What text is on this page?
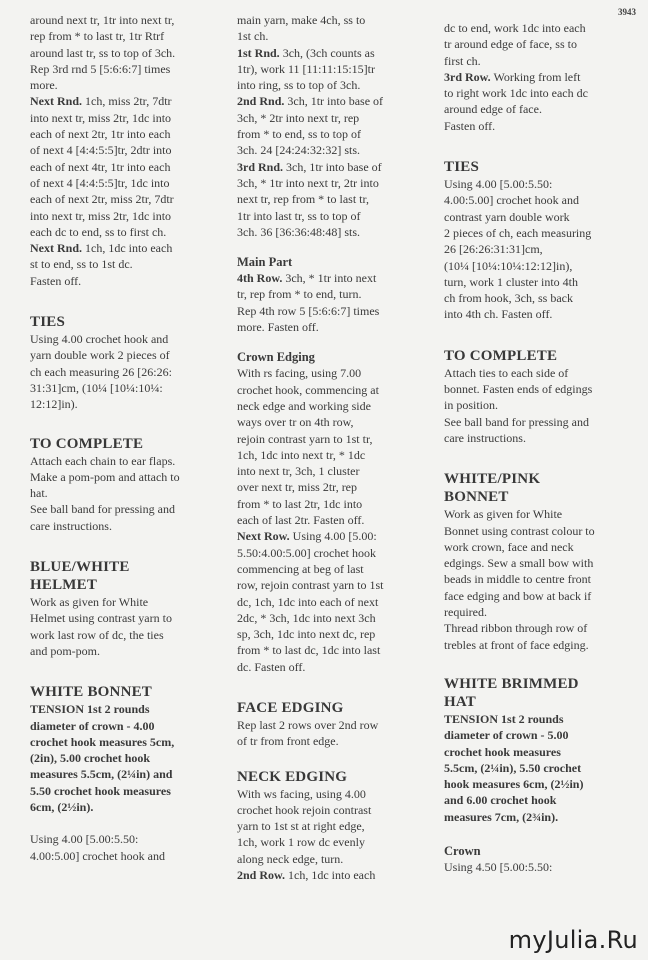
3943

around next tr, 1tr into next tr,

rep from * to last tr, 1tr Rtrf

around last tr, ss to top of 3ch.

Rep 3rd rnd 5 [5:6:6:7] times

more.

Next Rnd. 1ch, miss 2tr, 7dtr

into next tr, miss 2tr, 1dc into

each of next 2tr, 1tr into each

of next 4 [4:4:5:5]tr, 2dtr into

each of next 4tr, 1tr into each

of next 4 [4:4:5:5]tr, 1dc into

each of next 2tr, miss 2tr, 7dtr

into next tr, miss 2tr, 1dc into

each dc to end, ss to first ch.

Next Rnd. 1ch, 1dc into each

st to end, ss to 1st dc.

Fasten off.

TIES

Using 4.00 crochet hook and

yarn double work 2 pieces of

ch each measuring 26 [26:26:

31:31]cm, (10¼ [10¼:10¼:

12:12]in).

TO COMPLETE

Attach each chain to ear flaps.

Make a pom-pom and attach to

hat.

See ball band for pressing and

care instructions.

BLUE/WHITE
HELMET

Work as given for White

Helmet using contrast yarn to

work last row of dc, the ties

and pom-pom.

WHITE BONNET

TENSION 1st 2 rounds

diameter of crown - 4.00

crochet hook measures 5cm,

(2in), 5.00 crochet hook

measures 5.5cm, (2¼in) and

5.50 crochet hook measures

6cm, (2½in).

Using 4.00 [5.00:5.50:

4.00:5.00] crochet hook and

main yarn, make 4ch, ss to

1st ch.

1st Rnd. 3ch, (3ch counts as

1tr), work 11 [11:11:15:15]tr

into ring, ss to top of 3ch.

2nd Rnd. 3ch, 1tr into base of

3ch, * 2tr into next tr, rep

from * to end, ss to top of

3ch. 24 [24:24:32:32] sts.

3rd Rnd. 3ch, 1tr into base of

3ch, * 1tr into next tr, 2tr into

next tr, rep from * to last tr,

1tr into last tr, ss to top of

3ch. 36 [36:36:48:48] sts.

Main Part

4th Row. 3ch, * 1tr into next

tr, rep from * to end, turn.

Rep 4th row 5 [5:6:6:7] times

more. Fasten off.

Crown Edging

With rs facing, using 7.00

crochet hook, commencing at

neck edge and working side

ways over tr on 4th row,

rejoin contrast yarn to 1st tr,

1ch, 1dc into next tr, * 1dc

into next tr, 3ch, 1 cluster

over next tr, miss 2tr, rep

from * to last 2tr, 1dc into

each of last 2tr. Fasten off.

Next Row. Using 4.00 [5.00:

5.50:4.00:5.00] crochet hook

commencing at beg of last

row, rejoin contrast yarn to 1st

dc, 1ch, 1dc into each of next

2dc, * 3ch, 1dc into next 3ch

sp, 3ch, 1dc into next dc, rep

from * to last dc, 1dc into last

dc. Fasten off.

FACE EDGING

Rep last 2 rows over 2nd row

of tr from front edge.

NECK EDGING

With ws facing, using 4.00

crochet hook rejoin contrast

yarn to 1st st at right edge,

1ch, work 1 row dc evenly

along neck edge, turn.

2nd Row. 1ch, 1dc into each

dc to end, work 1dc into each

tr around edge of face, ss to

first ch.

3rd Row. Working from left

to right work 1dc into each dc

around edge of face.

Fasten off.

TIES

Using 4.00 [5.00:5.50:

4.00:5.00] crochet hook and

contrast yarn double work

2 pieces of ch, each measuring

26 [26:26:31:31]cm,

(10¼ [10¼:10¼:12:12]in),

turn, work 1 cluster into 4th

ch from hook, 3ch, ss back

into 4th ch. Fasten off.

TO COMPLETE

Attach ties to each side of

bonnet. Fasten ends of edgings

in position.

See ball band for pressing and

care instructions.

WHITE/PINK
BONNET

Work as given for White

Bonnet using contrast colour to

work crown, face and neck

edgings. Sew a small bow with

beads in middle to centre front

face edging and bow at back if

required.

Thread ribbon through row of

trebles at front of face edging.

WHITE BRIMMED
HAT

TENSION 1st 2 rounds

diameter of crown - 5.00

crochet hook measures

5.5cm, (2¼in), 5.50 crochet

hook measures 6cm, (2½in)

and 6.00 crochet hook

measures 7cm, (2¾in).

Crown

Using 4.50 [5.00:5.50:

myJulia.Ru
